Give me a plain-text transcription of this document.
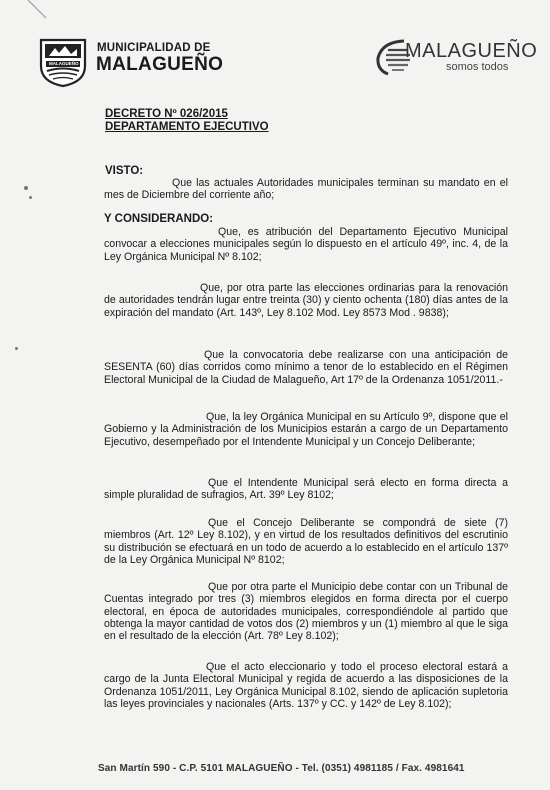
MALAGUEÑO
MUNICIPALIDAD DE
MALAGUEÑO
MALAGUEÑO
somos todos
DECRETO Nº 026/2015
DEPARTAMENTO EJECUTIVO
VISTO:
Que las actuales Autoridades municipales terminan su mandato en el mes de Diciembre del corriente año;
Y CONSIDERANDO:
Que, es atribución del Departamento Ejecutivo Municipal convocar a elecciones municipales según lo dispuesto en el artículo 49º, inc. 4, de la Ley Orgánica Municipal Nº 8.102;
Que, por otra parte las elecciones ordinarias para la renovación de autoridades tendrán lugar entre treinta (30) y ciento ochenta (180) días antes de la expiración del mandato (Art. 143º, Ley 8.102 Mod. Ley 8573 Mod . 9838);
Que la convocatoria debe realizarse con una anticipación de SESENTA (60) días corridos como mínimo a tenor de lo establecido en el Régimen Electoral Municipal de la Ciudad de Malagueño, Art 17º de la Ordenanza 1051/2011.-
Que, la ley Orgánica Municipal en su Artículo 9º, dispone que el Gobierno y la Administración de los Municipios estarán a cargo de un Departamento Ejecutivo, desempeñado por el Intendente Municipal y un Concejo Deliberante;
Que el Intendente Municipal será electo en forma directa a simple pluralidad de sufragios, Art. 39º Ley 8102;
Que el Concejo Deliberante se compondrá de siete (7) miembros (Art. 12º Ley 8.102), y en virtud de los resultados definitivos del escrutinio su distribución se efectuará en un todo de acuerdo a lo establecido en el artículo 137º de la Ley Orgánica Municipal Nº 8102;
Que por otra parte el Municipio debe contar con un Tribunal de Cuentas integrado por tres (3) miembros elegidos en forma directa por el cuerpo electoral, en época de autoridades municipales, correspondiéndole al partido que obtenga la mayor cantidad de votos dos (2) miembros y un (1) miembro al que le siga en el resultado de la elección (Art. 78º Ley 8.102);
Que el acto eleccionario y todo el proceso electoral estará a cargo de la Junta Electoral Municipal y regida de acuerdo a las disposiciones de la Ordenanza 1051/2011, Ley Orgánica Municipal 8.102, siendo de aplicación supletoria las leyes provinciales y nacionales (Arts. 137º y CC. y 142º de Ley 8.102);
San Martín 590 - C.P. 5101 MALAGUEÑO - Tel. (0351) 4981185 / Fax. 4981641
